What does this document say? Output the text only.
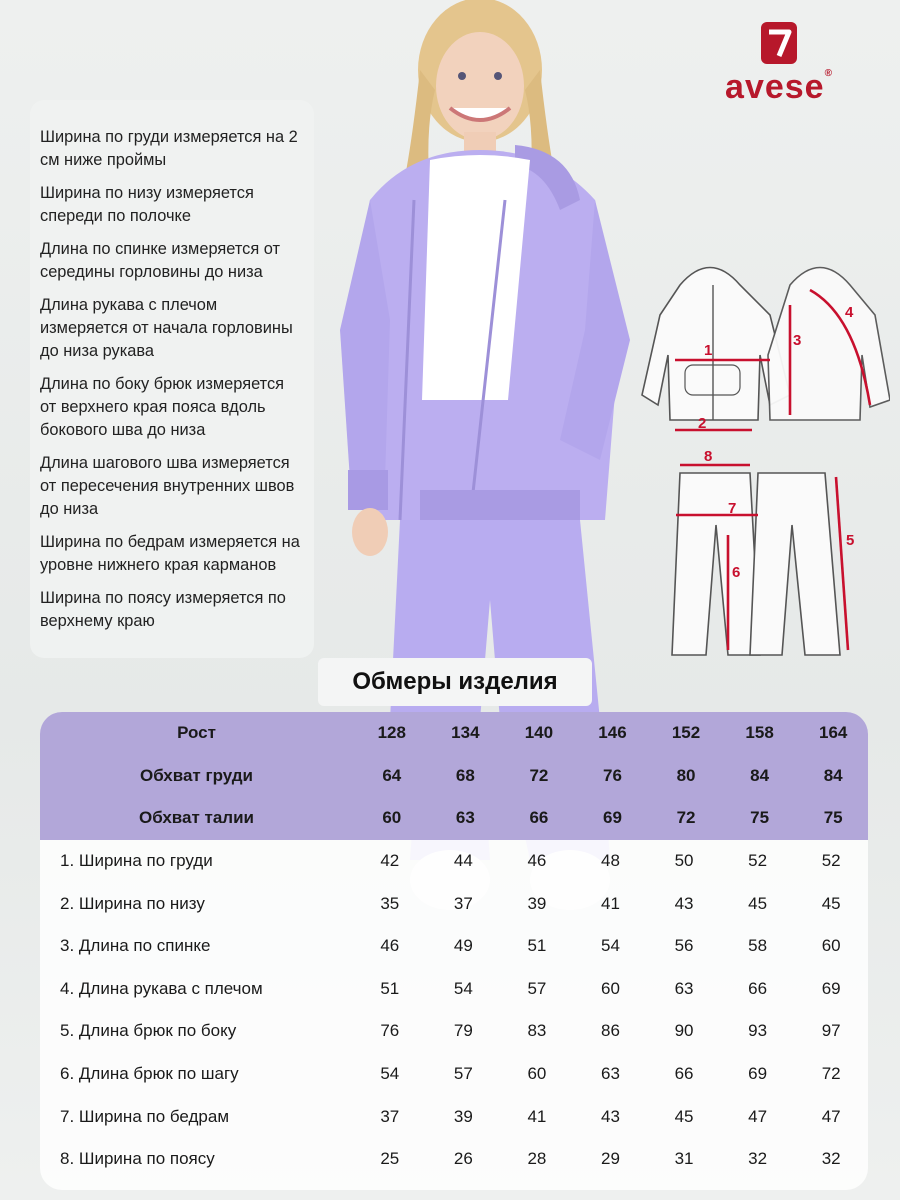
avese®

Ширина по груди измеряется на 2 см ниже проймы

Ширина по низу измеряется спереди по полочке

Длина по спинке измеряется от середины горловины до низа

Длина рукава с плечом измеряется от начала горловины до низа рукава

Длина по боку брюк измеряется от верхнего края пояса вдоль бокового шва до низа

Длина шагового шва измеряется от пересечения внутренних швов до низа

Ширина по бедрам измеряется на уровне нижнего края карманов

Ширина по поясу измеряется по верхнему краю

1
2
3
4
5
6
7
8
Обмеры изделия
Рост	128	134	140	146	152	158	164
Обхват груди	64	68	72	76	80	84	84
Обхват талии	60	63	66	69	72	75	75
1. Ширина по груди	42	44	46	48	50	52	52
2. Ширина по низу	35	37	39	41	43	45	45
3. Длина по спинке	46	49	51	54	56	58	60
4. Длина рукава с плечом	51	54	57	60	63	66	69
5. Длина брюк по боку	76	79	83	86	90	93	97
6. Длина брюк по шагу	54	57	60	63	66	69	72
7. Ширина по бедрам	37	39	41	43	45	47	47
8. Ширина по поясу	25	26	28	29	31	32	32
